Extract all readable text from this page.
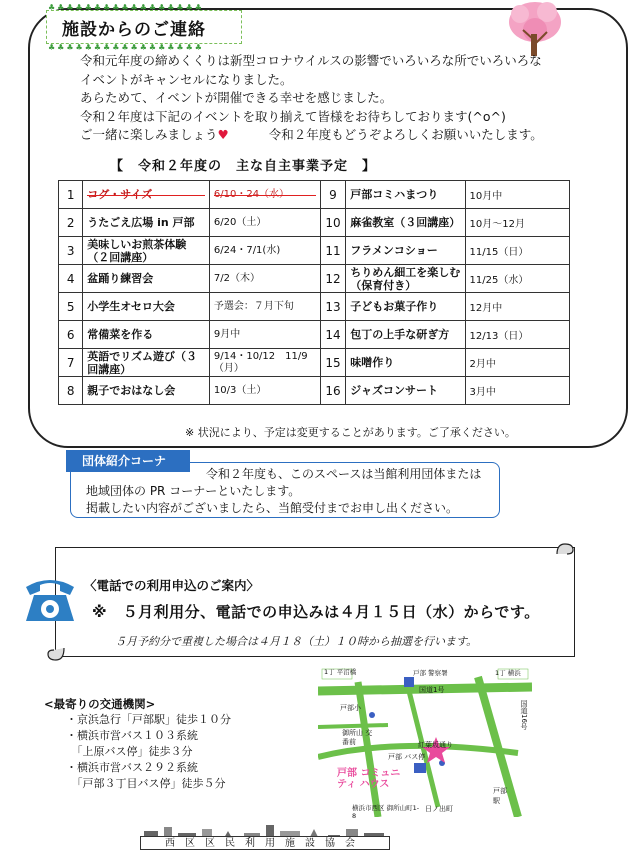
♣♣♣♣♣♣♣♣♣♣♣♣♣♣♣♣♣
♣♣♣♣♣♣♣♣♣♣♣♣♣♣♣♣♣
施設からのご連絡
令和元年度の締めくくりは新型コロナウイルスの影響でいろいろな所でいろいろな
イベントがキャンセルになりました。
あらためて、イベントが開催できる幸せを感じました。
令和２年度は下記のイベントを取り揃えて皆様をお待ちしております(^o^)
ご一緒に楽しみましょう♥	令和２年度もどうぞよろしくお願いいたします。
【　令和２年度の　主な自主事業予定　】
1	コグ・サイズ	6/10・24（水）	9	戸部コミハまつり	10月中
2	うたごえ広場 in 戸部	6/20（土）	10	麻雀教室（３回講座）	10月～12月
3	美味しいお煎茶体験（２回講座）	6/24・7/1(水)	11	フラメンコショー	11/15（日）
4	盆踊り練習会	7/2（木）	12	ちりめん細工を楽しむ（保育付き）	11/25（水）
5	小学生オセロ大会	予選会：７月下旬	13	子どもお菓子作り	12月中
6	常備菜を作る	9月中	14	包丁の上手な研ぎ方	12/13（日）
7	英語でリズム遊び（３回講座）	9/14・10/12　11/9（月）	15	味噌作り	2月中
8	親子でおはなし会	10/3（土）	16	ジャズコンサート	3月中
※ 状況により、予定は変更することがあります。ご了承ください。
団体紹介コーナ
令和２年度も、このスペースは当館利用団体または
地域団体の PR コーナーといたします。
掲載したい内容がございましたら、当館受付までお申し出ください。
〈電話での利用申込のご案内〉
※　５月利用分、電話での申込みは４月１５日（水）からです。
５月予約分で重複した場合は４月１８（土）１０時から抽選を行います。
<最寄りの交通機関>
・京浜急行「戸部駅」徒歩１０分
・横浜市営バス１０３系統
　「上原バス停」徒歩３分
・横浜市営バス２９２系統
　「戸部３丁目バス停」徒歩５分
1丁 平沼橋	戸部 警察署	1丁 横浜
国道1号
国道16号
紅葉坂通り
戸部小
御所山 交番前
戸部 バス停
戸部 コミュニティ ハウス
横浜市西区 御所山町1-8
戸部 駅
日ノ出町
西区区民利用施設協会
